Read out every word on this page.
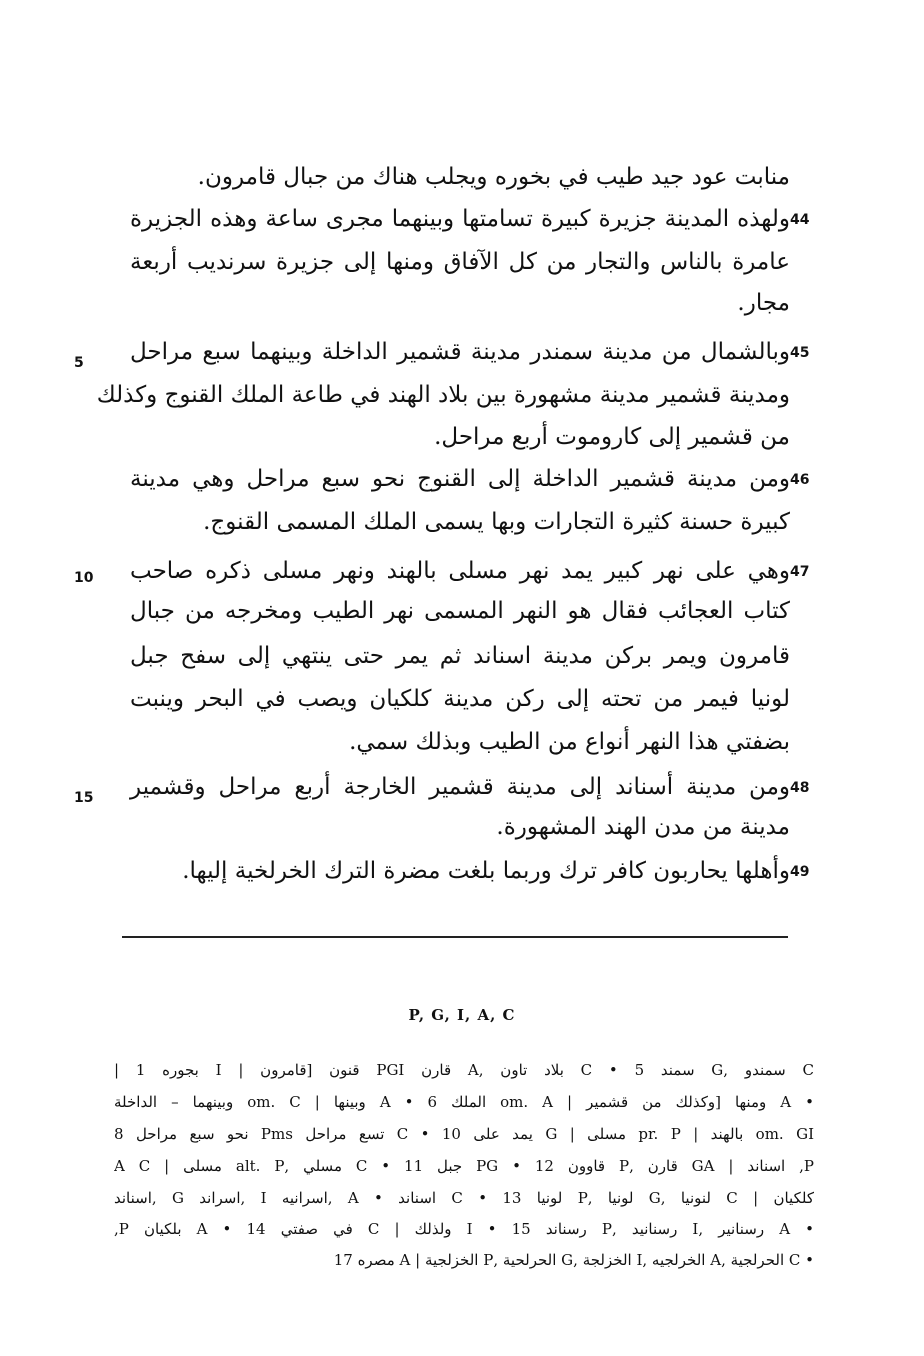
منابت عود جيد طيب في بخوره ويجلب هناك من جبال قامرون.
44
ولهذه المدينة جزيرة كبيرة تسامتها وبينهما مجرى ساعة وهذه الجزيرة
عامرة بالناس والتجار من كل الآفاق ومنها إلى جزيرة سرنديب أربعة
مجار.
45
وبالشمال من مدينة سمندر مدينة قشمير الداخلة وبينهما سبع مراحل
ومدينة قشمير مدينة مشهورة بين بلاد الهند في طاعة الملك القنوج وكذلك
من قشمير إلى كاروموت أربع مراحل.
46
ومن مدينة قشمير الداخلة إلى القنوج نحو سبع مراحل وهي مدينة
كبيرة حسنة كثيرة التجارات وبها يسمى الملك المسمى القنوج.
47
وهي على نهر كبير يمد نهر مسلى بالهند ونهر مسلى ذكره صاحب
كتاب العجائب فقال هو النهر المسمى نهر الطيب ومخرجه من جبال
قامرون ويمر بركن مدينة اسناند ثم يمر حتى ينتهي إلى سفح جبل
لونيا فيمر من تحته إلى ركن مدينة كلكيان ويصب في البحر وينبت
بضفتي هذا النهر أنواع من الطيب وبذلك سمي.
48
ومن مدينة أسناند إلى مدينة قشمير الخارجة أربع مراحل وقشمير
مدينة من مدن الهند المشهورة.
49
وأهلها يحاربون كافر ترك وربما بلغت مضرة الترك الخرلخية إليها.
5
10
15
P, G, I, A, C
C سمندو ,G سمند 5 • C بلاد تاون ,A قارن PGI قنون [قامرون | I بجوره 1 |
• A ومنها [وكذلك من قشمير | om. A الملك 6 • A وبينها | om. C وبينهما – الداخلة
om. GI بالهند | pr. P مسلى | G يمد على 10 • C تسع مراحل Pms نحو سبع مراحل 8
P, اسناند | GA قارن ,P قاوون 12 • PG جبل 11 • C مسلي ,alt. P مسلى | A C
كلكيان | C لنونيا ,G لونيا ,P لونيا 13 • C اسناند • A ,اسرانيه I ,اسراند G ,اسناند
• A رسنانير ,I رسنانيد ,P رسناند 15 • I ولذلك | C في صفتي 14 • A بلكيان P,
• C الحرلجية ,A الخرلجيه ,I الخزلجة ,G الحرلحية ,P الخزلجية | A مصره 17
